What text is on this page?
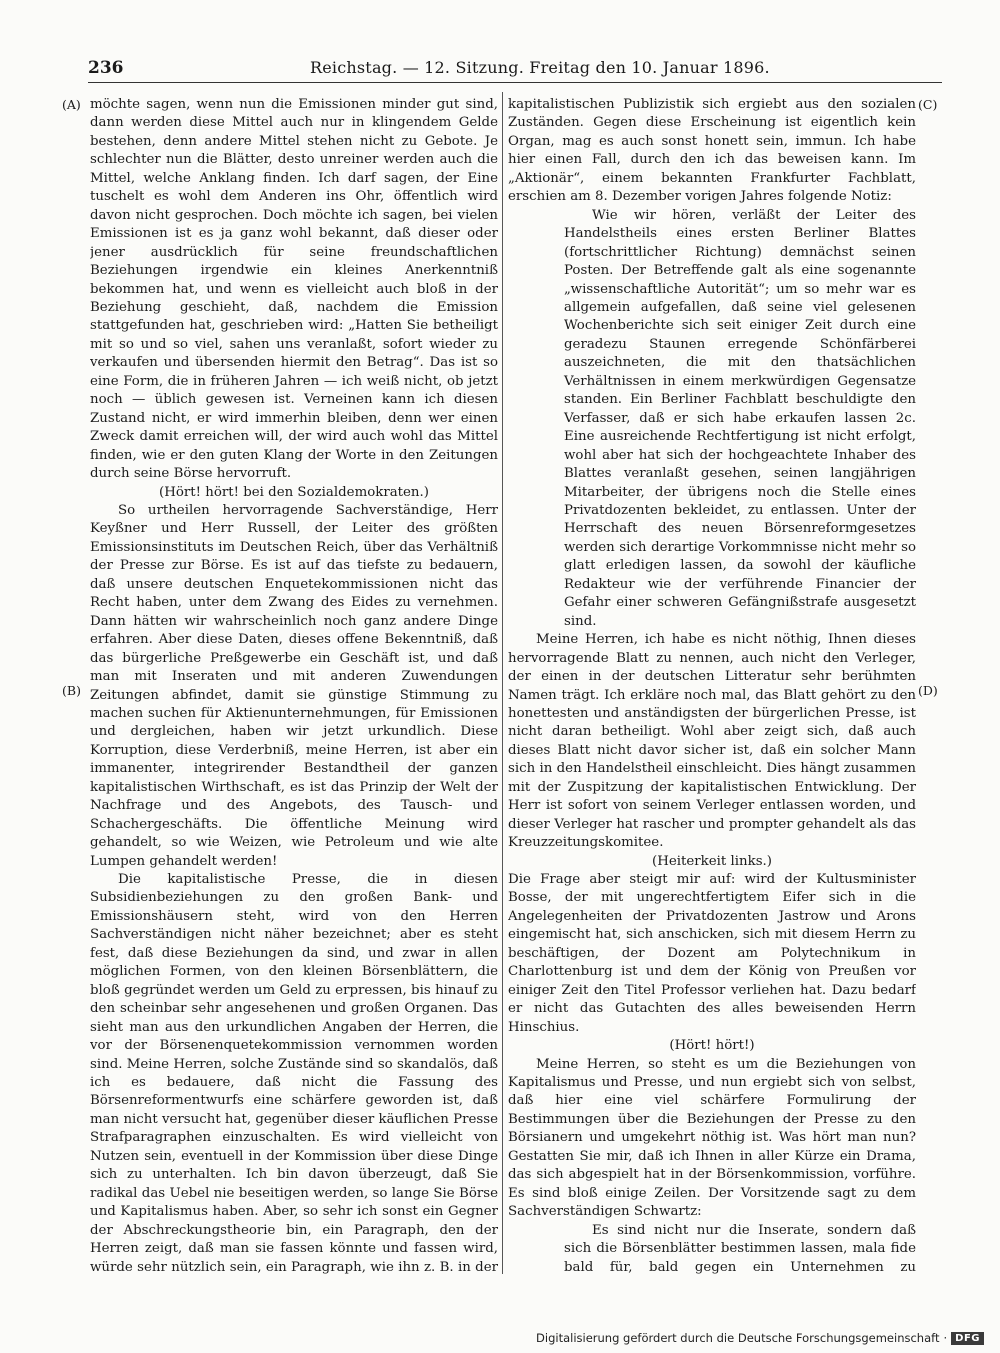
236	Reichstag. — 12. Sitzung. Freitag den 10. Januar 1896.
(A)
(B)
(C)
(D)

möchte sagen, wenn nun die Emissionen minder gut sind, dann werden diese Mittel auch nur in klingendem Gelde bestehen, denn andere Mittel stehen nicht zu Gebote. Je schlechter nun die Blätter, desto unreiner werden auch die Mittel, welche Anklang finden. Ich darf sagen, der Eine tuschelt es wohl dem Anderen ins Ohr, öffentlich wird davon nicht gesprochen. Doch möchte ich sagen, bei vielen Emissionen ist es ja ganz wohl bekannt, daß dieser oder jener ausdrücklich für seine freundschaftlichen Beziehungen irgendwie ein kleines Anerkenntniß bekommen hat, und wenn es vielleicht auch bloß in der Beziehung geschieht, daß, nachdem die Emission stattgefunden hat, geschrieben wird: „Hatten Sie betheiligt mit so und so viel, sahen uns veranlaßt, sofort wieder zu verkaufen und übersenden hiermit den Betrag“. Das ist so eine Form, die in früheren Jahren — ich weiß nicht, ob jetzt noch — üblich gewesen ist. Verneinen kann ich diesen Zustand nicht, er wird immerhin bleiben, denn wer einen Zweck damit erreichen will, der wird auch wohl das Mittel finden, wie er den guten Klang der Worte in den Zeitungen durch seine Börse hervorruft.

(Hört! hört! bei den Sozialdemokraten.)

So urtheilen hervorragende Sachverständige, Herr Keyßner und Herr Russell, der Leiter des größten Emissionsinstituts im Deutschen Reich, über das Verhältniß der Presse zur Börse. Es ist auf das tiefste zu bedauern, daß unsere deutschen Enquetekommissionen nicht das Recht haben, unter dem Zwang des Eides zu vernehmen. Dann hätten wir wahrscheinlich noch ganz andere Dinge erfahren. Aber diese Daten, dieses offene Bekenntniß, daß das bürgerliche Preßgewerbe ein Geschäft ist, und daß man mit Inseraten und mit anderen Zuwendungen Zeitungen abfindet, damit sie günstige Stimmung zu machen suchen für Aktienunternehmungen, für Emissionen und dergleichen, haben wir jetzt urkundlich. Diese Korruption, diese Verderbniß, meine Herren, ist aber ein immanenter, integrirender Bestandtheil der ganzen kapitalistischen Wirthschaft, es ist das Prinzip der Welt der Nachfrage und des Angebots, des Tausch- und Schachergeschäfts. Die öffentliche Meinung wird gehandelt, so wie Weizen, wie Petroleum und wie alte Lumpen gehandelt werden!

Die kapitalistische Presse, die in diesen Subsidienbeziehungen zu den großen Bank- und Emissionshäusern steht, wird von den Herren Sachverständigen nicht näher bezeichnet; aber es steht fest, daß diese Beziehungen da sind, und zwar in allen möglichen Formen, von den kleinen Börsenblättern, die bloß gegründet werden um Geld zu erpressen, bis hinauf zu den scheinbar sehr angesehenen und großen Organen. Das sieht man aus den urkundlichen Angaben der Herren, die vor der Börsenenquetekommission vernommen worden sind. Meine Herren, solche Zustände sind so skandalös, daß ich es bedauere, daß nicht die Fassung des Börsenreformentwurfs eine schärfere geworden ist, daß man nicht versucht hat, gegenüber dieser käuflichen Presse Strafparagraphen einzuschalten. Es wird vielleicht von Nutzen sein, eventuell in der Kommission über diese Dinge sich zu unterhalten. Ich bin davon überzeugt, daß Sie radikal das Uebel nie beseitigen werden, so lange Sie Börse und Kapitalismus haben. Aber, so sehr ich sonst ein Gegner der Abschreckungstheorie bin, ein Paragraph, den der Herren zeigt, daß man sie fassen könnte und fassen wird, würde sehr nützlich sein, ein Paragraph, wie ihn z. B. in der

kapitalistischen Publizistik sich ergiebt aus den sozialen Zuständen. Gegen diese Erscheinung ist eigentlich kein Organ, mag es auch sonst honett sein, immun. Ich habe hier einen Fall, durch den ich das beweisen kann. Im „Aktionär“, einem bekannten Frankfurter Fachblatt, erschien am 8. Dezember vorigen Jahres folgende Notiz:

Wie wir hören, verläßt der Leiter des Handelstheils eines ersten Berliner Blattes (fortschrittlicher Richtung) demnächst seinen Posten. Der Betreffende galt als eine sogenannte „wissenschaftliche Autorität“; um so mehr war es allgemein aufgefallen, daß seine viel gelesenen Wochenberichte sich seit einiger Zeit durch eine geradezu Staunen erregende Schönfärberei auszeichneten, die mit den thatsächlichen Verhältnissen in einem merkwürdigen Gegensatze standen. Ein Berliner Fachblatt beschuldigte den Verfasser, daß er sich habe erkaufen lassen 2c. Eine ausreichende Rechtfertigung ist nicht erfolgt, wohl aber hat sich der hochgeachtete Inhaber des Blattes veranlaßt gesehen, seinen langjährigen Mitarbeiter, der übrigens noch die Stelle eines Privatdozenten bekleidet, zu entlassen. Unter der Herrschaft des neuen Börsenreformgesetzes werden sich derartige Vorkommnisse nicht mehr so glatt erledigen lassen, da sowohl der käufliche Redakteur wie der verführende Financier der Gefahr einer schweren Gefängnißstrafe ausgesetzt sind.

Meine Herren, ich habe es nicht nöthig, Ihnen dieses hervorragende Blatt zu nennen, auch nicht den Verleger, der einen in der deutschen Litteratur sehr berühmten Namen trägt. Ich erkläre noch mal, das Blatt gehört zu den honettesten und anständigsten der bürgerlichen Presse, ist nicht daran betheiligt. Wohl aber zeigt sich, daß auch dieses Blatt nicht davor sicher ist, daß ein solcher Mann sich in den Handelstheil einschleicht. Dies hängt zusammen mit der Zuspitzung der kapitalistischen Entwicklung. Der Herr ist sofort von seinem Verleger entlassen worden, und dieser Verleger hat rascher und prompter gehandelt als das Kreuzzeitungskomitee.

(Heiterkeit links.)

Die Frage aber steigt mir auf: wird der Kultusminister Bosse, der mit ungerechtfertigtem Eifer sich in die Angelegenheiten der Privatdozenten Jastrow und Arons eingemischt hat, sich anschicken, sich mit diesem Herrn zu beschäftigen, der Dozent am Polytechnikum in Charlottenburg ist und dem der König von Preußen vor einiger Zeit den Titel Professor verliehen hat. Dazu bedarf er nicht das Gutachten des alles beweisenden Herrn Hinschius.

(Hört! hört!)

Meine Herren, so steht es um die Beziehungen von Kapitalismus und Presse, und nun ergiebt sich von selbst, daß hier eine viel schärfere Formulirung der Bestimmungen über die Beziehungen der Presse zu den Börsianern und umgekehrt nöthig ist. Was hört man nun? Gestatten Sie mir, daß ich Ihnen in aller Kürze ein Drama, das sich abgespielt hat in der Börsenkommission, vorführe. Es sind bloß einige Zeilen. Der Vorsitzende sagt zu dem Sachverständigen Schwartz:

Es sind nicht nur die Inserate, sondern daß sich die Börsenblätter bestimmen lassen, mala fide bald für, bald gegen ein Unternehmen zu

Digitalisierung gefördert durch die Deutsche Forschungsgemeinschaft · DFG
